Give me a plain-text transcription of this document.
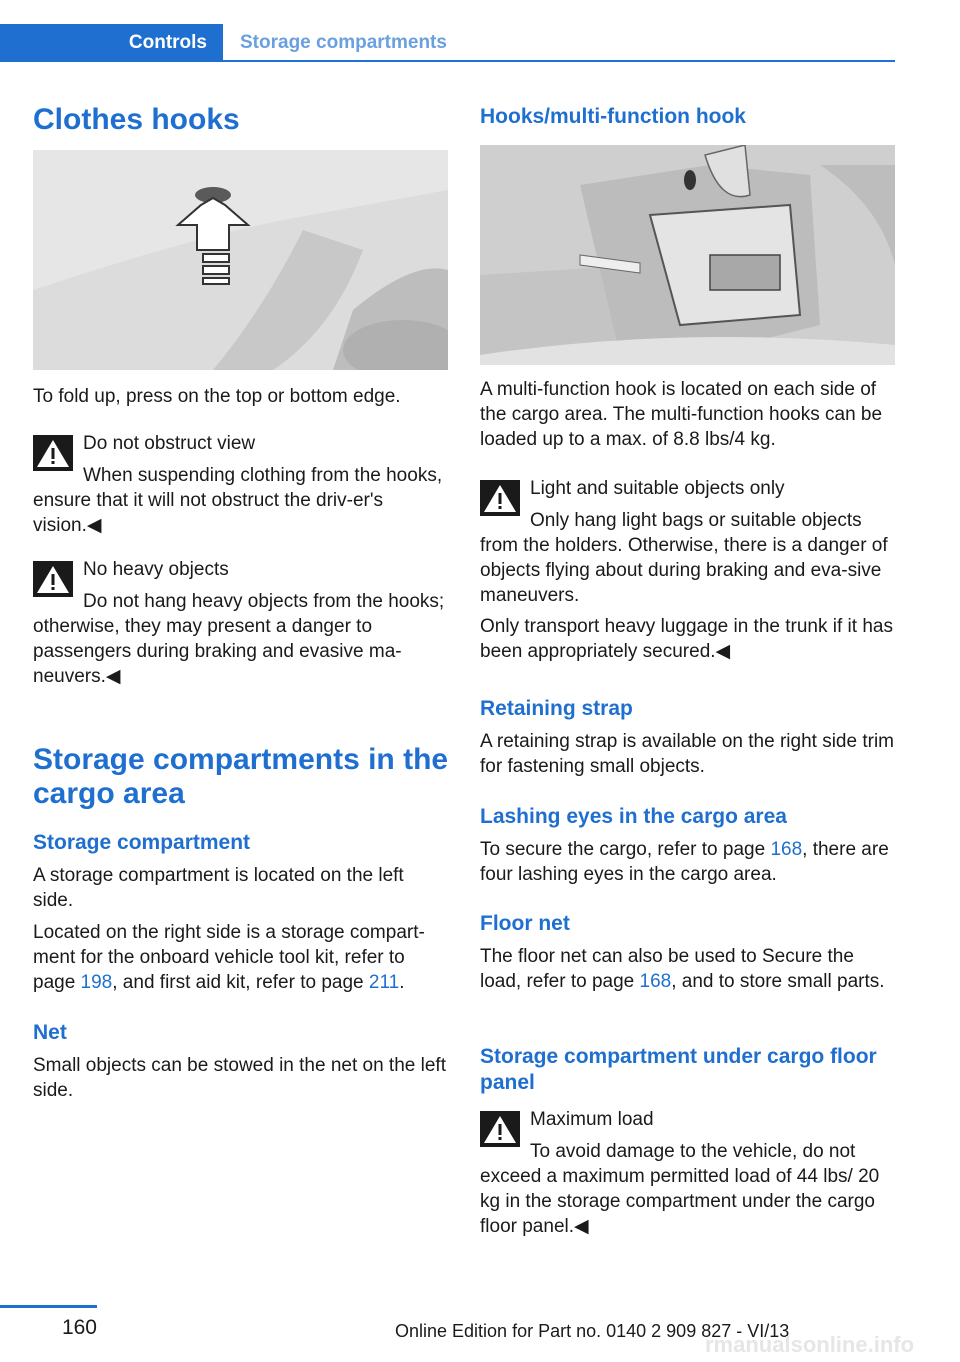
Controls	Storage compartments
Clothes hooks
To fold up, press on the top or bottom edge.
Do not obstruct view
When suspending clothing from the hooks, ensure that it will not obstruct the driv‐er's vision.◀
No heavy objects
Do not hang heavy objects from the hooks; otherwise, they may present a danger to passengers during braking and evasive ma‐neuvers.◀
Storage compartments in the cargo area
Storage compartment
A storage compartment is located on the left side.
Located on the right side is a storage compart‐ment for the onboard vehicle tool kit, refer to page 198, and first aid kit, refer to page 211.
Net
Small objects can be stowed in the net on the left side.
Hooks/multi-function hook
A multi-function hook is located on each side of the cargo area. The multi-function hooks can be loaded up to a max. of 8.8 lbs/4 kg.
Light and suitable objects only
Only hang light bags or suitable objects from the holders. Otherwise, there is a danger of objects flying about during braking and eva‐sive maneuvers.
Only transport heavy luggage in the trunk if it has been appropriately secured.◀
Retaining strap
A retaining strap is available on the right side trim for fastening small objects.
Lashing eyes in the cargo area
To secure the cargo, refer to page 168, there are four lashing eyes in the cargo area.
Floor net
The floor net can also be used to Secure the load, refer to page 168, and to store small parts.
Storage compartment under cargo floor panel
Maximum load
To avoid damage to the vehicle, do not exceed a maximum permitted load of 44 lbs/ 20 kg in the storage compartment under the cargo floor panel.◀
160	Online Edition for Part no. 0140 2 909 827 - VI/13
rmanualsonline.info
